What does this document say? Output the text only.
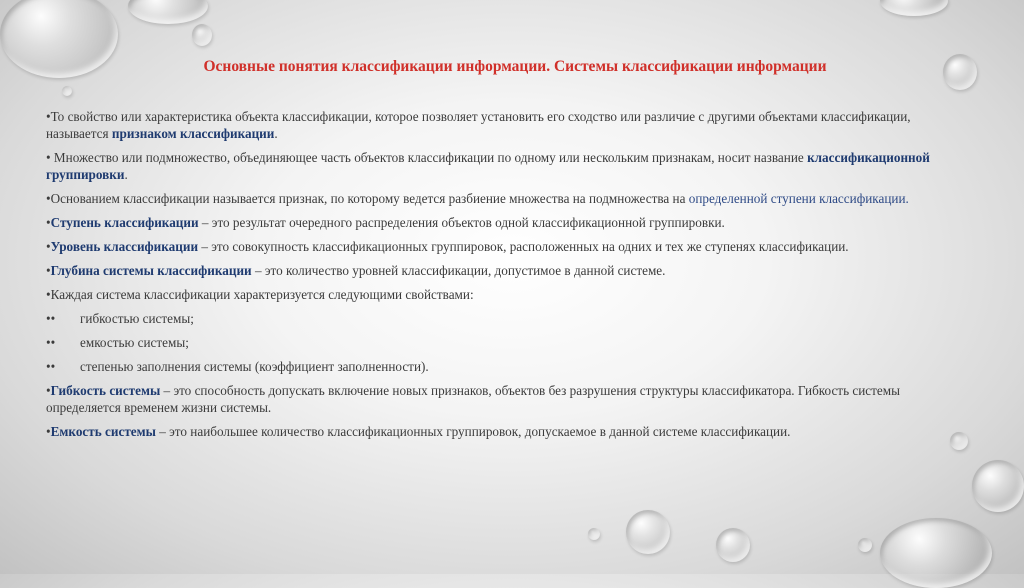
Основные понятия классификации информации. Системы классификации информации

•То свойство или характеристика объекта классификации, которое позволяет установить его сходство или различие с другими объектами классификации, называется признаком классификации.

• Множество или подмножество, объединяющее часть объектов классификации по одному или нескольким признакам, носит название классификационной группировки.

•Основанием классификации называется признак, по которому ведется разбиение множества на подмножества на определенной ступени классификации.

•Ступень классификации – это результат очередного распределения объектов одной классификационной группировки.

•Уровень классификации – это совокупность классификационных группировок, расположенных на одних и тех же ступенях классификации.

•Глубина системы классификации – это количество уровней классификации, допустимое в данной системе.

•Каждая система классификации характеризуется следующими свойствами:

••	гибкостью системы;
••	емкостью системы;
••	степенью заполнения системы (коэффициент заполненности).

•Гибкость системы – это способность допускать включение новых признаков, объектов без разрушения структуры классификатора. Гибкость системы определяется временем жизни системы.

•Емкость системы – это наибольшее количество классификационных группировок, допускаемое в данной системе классификации.
